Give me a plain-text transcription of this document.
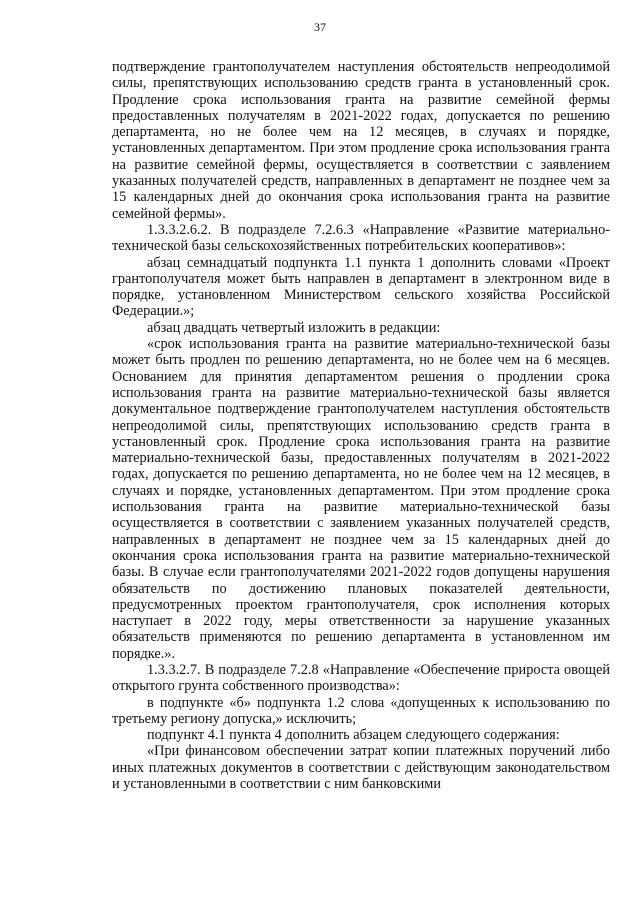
37

подтверждение грантополучателем наступления обстоятельств непреодолимой силы, препятствующих использованию средств гранта в установленный срок. Продление срока использования гранта на развитие семейной фермы предоставленных получателям в 2021-2022 годах, допускается по решению департамента, но не более чем на 12 месяцев, в случаях и порядке, установленных департаментом. При этом продление срока использования гранта на развитие семейной фермы, осуществляется в соответствии с заявлением указанных получателей средств, направленных в департамент не позднее чем за 15 календарных дней до окончания срока использования гранта на развитие семейной фермы».

1.3.3.2.6.2. В подразделе 7.2.6.3 «Направление «Развитие материально-технической базы сельскохозяйственных потребительских кооперативов»:

абзац семнадцатый подпункта 1.1 пункта 1 дополнить словами «Проект грантополучателя может быть направлен в департамент в электронном виде в порядке, установленном Министерством сельского хозяйства Российской Федерации.»;

абзац двадцать четвертый изложить в редакции:

«срок использования гранта на развитие материально-технической базы может быть продлен по решению департамента, но не более чем на 6 месяцев. Основанием для принятия департаментом решения о продлении срока использования гранта на развитие материально-технической базы является документальное подтверждение грантополучателем наступления обстоятельств непреодолимой силы, препятствующих использованию средств гранта в установленный срок. Продление срока использования гранта на развитие материально-технической базы, предоставленных получателям в 2021-2022 годах, допускается по решению департамента, но не более чем на 12 месяцев, в случаях и порядке, установленных департаментом. При этом продление срока использования гранта на развитие материально-технической базы осуществляется в соответствии с заявлением указанных получателей средств, направленных в департамент не позднее чем за 15 календарных дней до окончания срока использования гранта на развитие материально-технической базы. В случае если грантополучателями 2021-2022 годов допущены нарушения обязательств по достижению плановых показателей деятельности, предусмотренных проектом грантополучателя, срок исполнения которых наступает в 2022 году, меры ответственности за нарушение указанных обязательств применяются по решению департамента в установленном им порядке.».

1.3.3.2.7. В подразделе 7.2.8 «Направление «Обеспечение прироста овощей открытого грунта собственного производства»:

в подпункте «б» подпункта 1.2 слова «допущенных к использованию по третьему региону допуска,» исключить;

подпункт 4.1 пункта 4 дополнить абзацем следующего содержания:

«При финансовом обеспечении затрат копии платежных поручений либо иных платежных документов в соответствии с действующим законодательством и установленными в соответствии с ним банковскими
